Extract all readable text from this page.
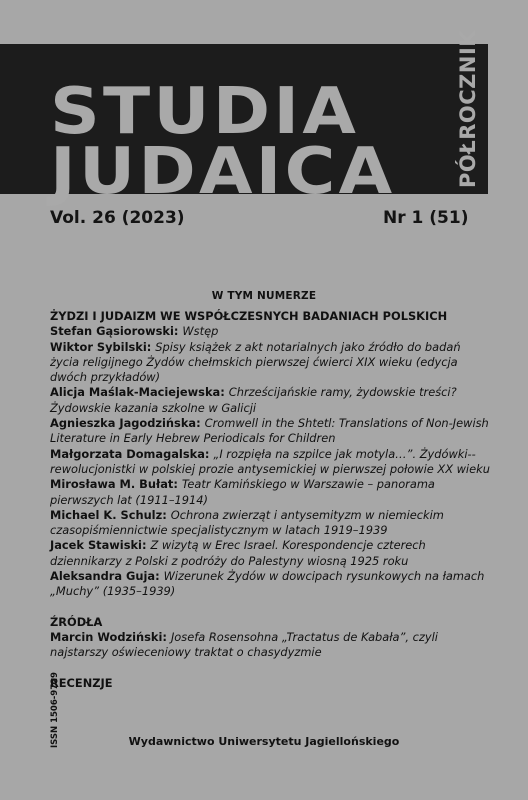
STUDIA
JUDAICA	PÓŁROCZNIK
Vol. 26 (2023)	Nr 1 (51)
W TYM NUMERZE

ŻYDZI I JUDAIZM WE WSPÓŁCZESNYCH BADANIACH POLSKICH

Stefan Gąsiorowski: Wstęp

Wiktor Sybilski: Spisy książek z akt notarialnych jako źródło do badań życia religijnego Żydów chełmskich pierwszej ćwierci XIX wieku (edycja dwóch przykładów)

Alicja Maślak-Maciejewska: Chrześcijańskie ramy, żydowskie treści? Żydowskie kazania szkolne w Galicji

Agnieszka Jagodzińska: Cromwell in the Shtetl: Translations of Non-Jewish Literature in Early Hebrew Periodicals for Children

Małgorzata Domagalska: „I rozpięła na szpilce jak motyla…”. Żydówki--rewolucjonistki w polskiej prozie antysemickiej w pierwszej połowie XX wieku

Mirosława M. Bułat: Teatr Kamińskiego w Warszawie – panorama pierwszych lat (1911–1914)

Michael K. Schulz: Ochrona zwierząt i antysemityzm w niemieckim czasopiśmiennictwie specjalistycznym w latach 1919–1939

Jacek Stawiski: Z wizytą w Erec Israel. Korespondencje czterech dziennikarzy z Polski z podróży do Palestyny wiosną 1925 roku

Aleksandra Guja: Wizerunek Żydów w dowcipach rysunkowych na łamach „Muchy” (1935–1939)

ŹRÓDŁA

Marcin Wodziński: Josefa Rosensohna „Tractatus de Kabała”, czyli najstarszy oświeceniowy traktat o chasydyzmie

RECENZJE

ISSN 1506-9729	Wydawnictwo Uniwersytetu Jagiellońskiego
